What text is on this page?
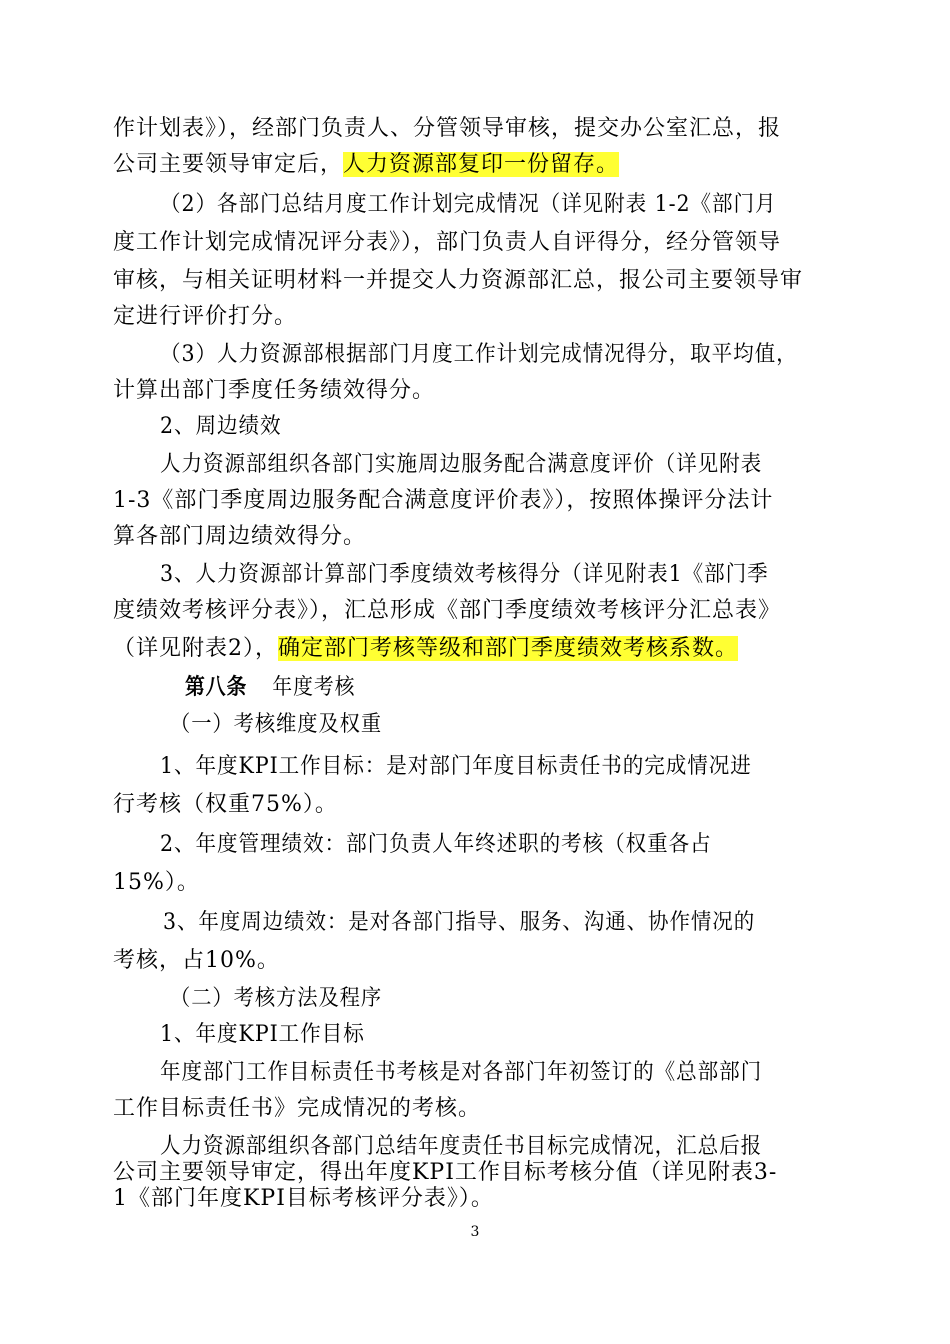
作计划表》），经部门负责人、分管领导审核，提交办公室汇总，报
公司主要领导审定后，人力资源部复印一份留存。
（2）各部门总结月度工作计划完成情况（详见附表 1-2《部门月
度工作计划完成情况评分表》），部门负责人自评得分，经分管领导
审核，与相关证明材料一并提交人力资源部汇总，报公司主要领导审
定进行评价打分。
（3）人力资源部根据部门月度工作计划完成情况得分，取平均值，
计算出部门季度任务绩效得分。
2、周边绩效
人力资源部组织各部门实施周边服务配合满意度评价（详见附表
1-3《部门季度周边服务配合满意度评价表》），按照体操评分法计
算各部门周边绩效得分。
3、人力资源部计算部门季度绩效考核得分（详见附表1《部门季
度绩效考核评分表》），汇总形成《部门季度绩效考核评分汇总表》
（详见附表2），确定部门考核等级和部门季度绩效考核系数。
第八条 年度考核
（一）考核维度及权重
1、年度KPI工作目标：是对部门年度目标责任书的完成情况进
行考核（权重75%）。
2、年度管理绩效：部门负责人年终述职的考核（权重各占
15%）。
3、年度周边绩效：是对各部门指导、服务、沟通、协作情况的
考核，占10%。
（二）考核方法及程序
1、年度KPI工作目标
年度部门工作目标责任书考核是对各部门年初签订的《总部部门
工作目标责任书》完成情况的考核。
人力资源部组织各部门总结年度责任书目标完成情况，汇总后报
公司主要领导审定，得出年度KPI工作目标考核分值（详见附表3-
1《部门年度KPI目标考核评分表》）。
3
